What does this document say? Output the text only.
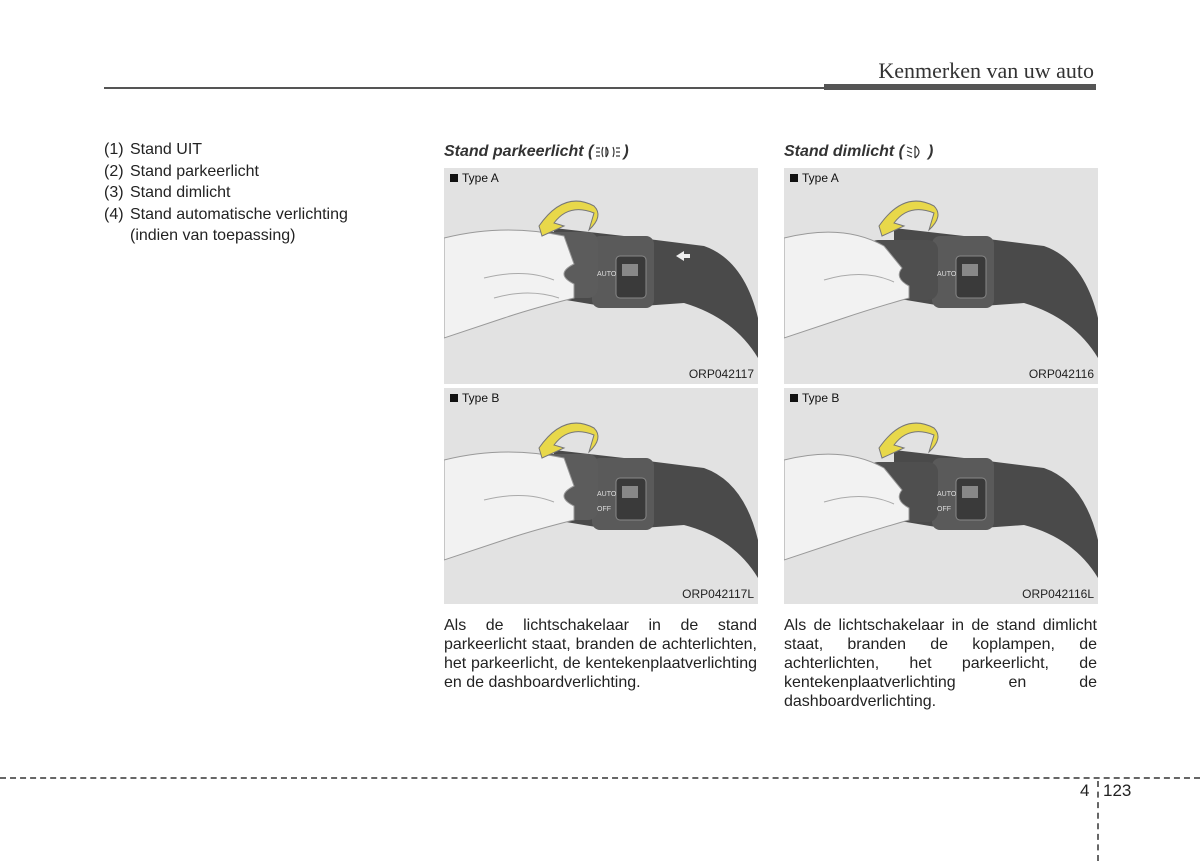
Kenmerken van uw auto
(1) Stand UIT
(2) Stand parkeerlicht
(3) Stand dimlicht
(4) Stand automatische verlichting
(indien van toepassing)
Stand parkeerlicht ( )	Stand dimlicht ( )
AUTO
Type A
ORP042117
AUTO
OFF
Type B
ORP042117L
AUTO
Type A
ORP042116
AUTO
OFF
Type B
ORP042116L

Als de lichtschakelaar in de stand parkeerlicht staat, branden de achterlichten, het parkeerlicht, de kentekenplaatverlichting en de dashboardverlichting.

Als de lichtschakelaar in de stand dimlicht staat, branden de koplampen, de achterlichten, het parkeerlicht, de kentekenplaatverlichting en de dashboardverlichting.

4 123
